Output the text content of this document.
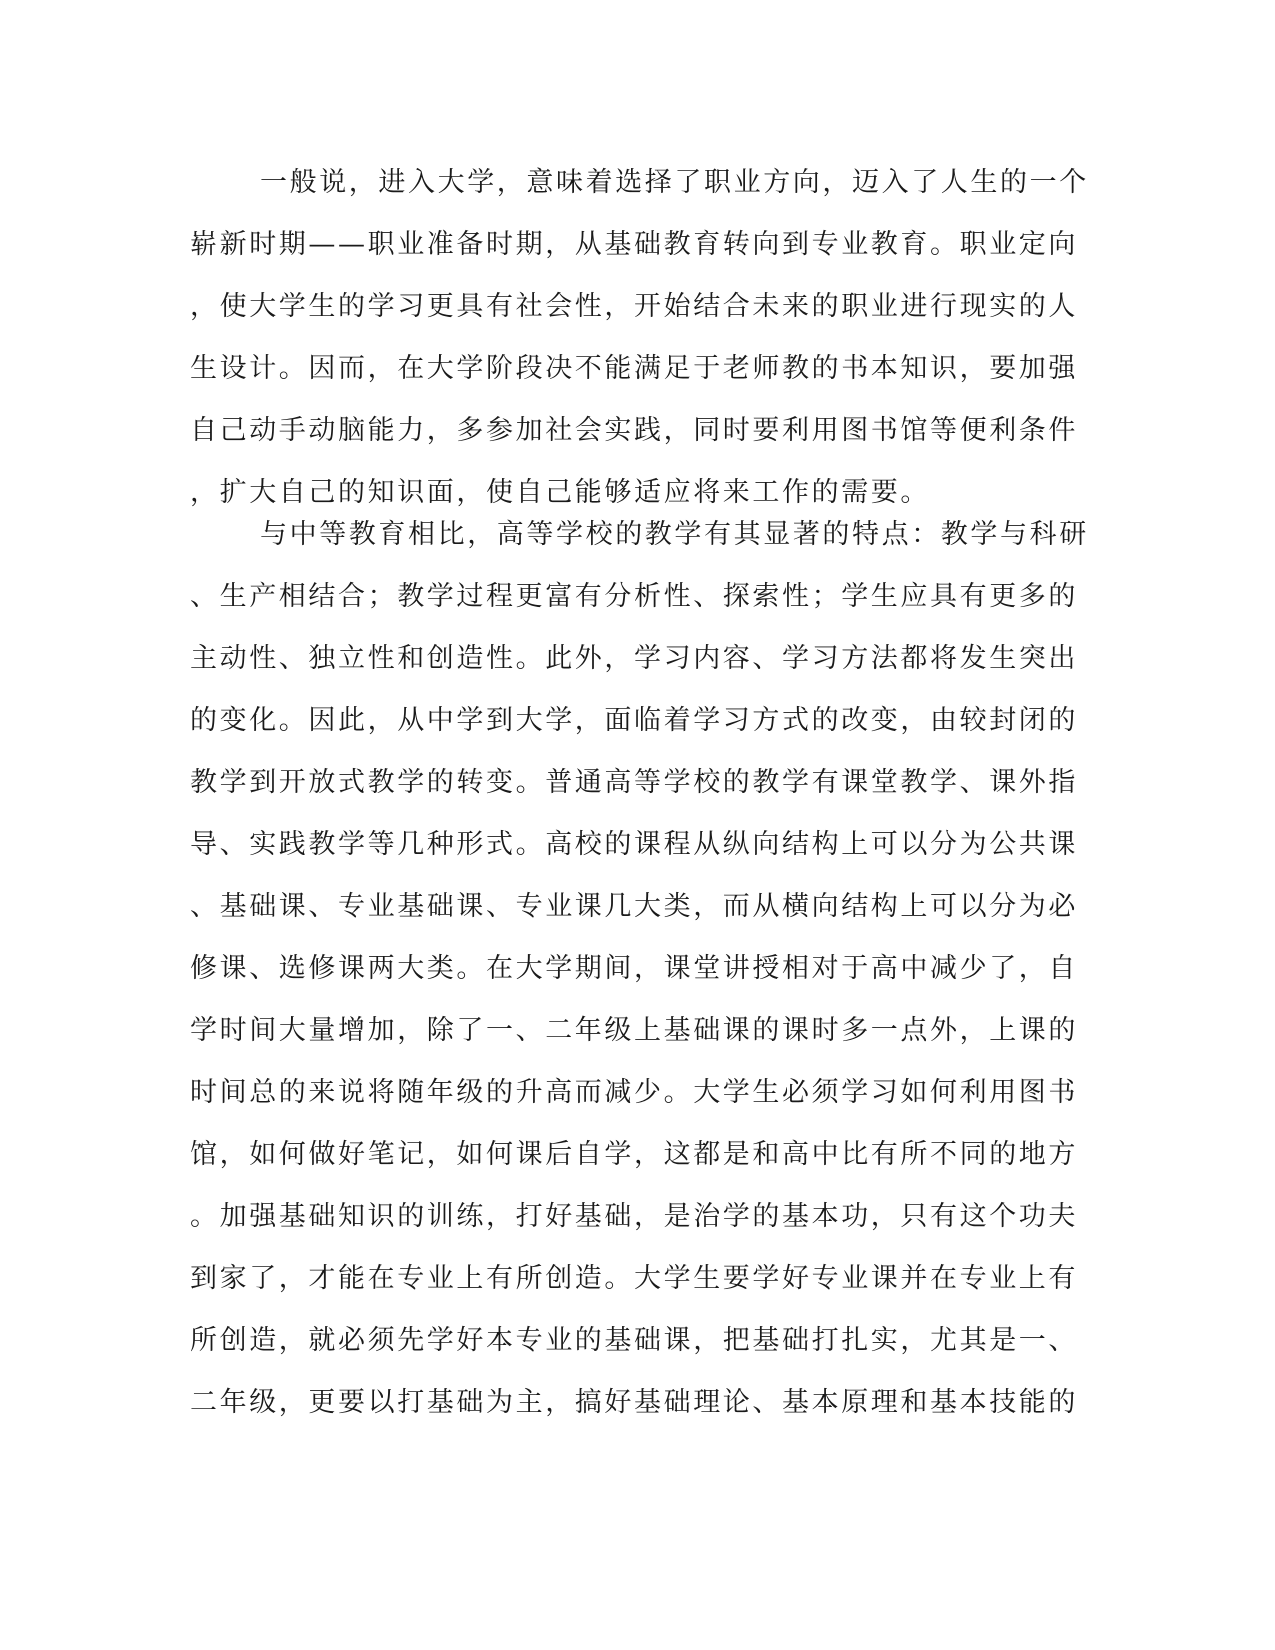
一般说，进入大学，意味着选择了职业方向，迈入了人生的一个
崭新时期——职业准备时期，从基础教育转向到专业教育。职业定向
，使大学生的学习更具有社会性，开始结合未来的职业进行现实的人
生设计。因而，在大学阶段决不能满足于老师教的书本知识，要加强
自己动手动脑能力，多参加社会实践，同时要利用图书馆等便利条件
，扩大自己的知识面，使自己能够适应将来工作的需要。
与中等教育相比，高等学校的教学有其显著的特点：教学与科研
、生产相结合；教学过程更富有分析性、探索性；学生应具有更多的
主动性、独立性和创造性。此外，学习内容、学习方法都将发生突出
的变化。因此，从中学到大学，面临着学习方式的改变，由较封闭的
教学到开放式教学的转变。普通高等学校的教学有课堂教学、课外指
导、实践教学等几种形式。高校的课程从纵向结构上可以分为公共课
、基础课、专业基础课、专业课几大类，而从横向结构上可以分为必
修课、选修课两大类。在大学期间，课堂讲授相对于高中减少了，自
学时间大量增加，除了一、二年级上基础课的课时多一点外，上课的
时间总的来说将随年级的升高而减少。大学生必须学习如何利用图书
馆，如何做好笔记，如何课后自学，这都是和高中比有所不同的地方
。加强基础知识的训练，打好基础，是治学的基本功，只有这个功夫
到家了，才能在专业上有所创造。大学生要学好专业课并在专业上有
所创造，就必须先学好本专业的基础课，把基础打扎实，尤其是一、
二年级，更要以打基础为主，搞好基础理论、基本原理和基本技能的
